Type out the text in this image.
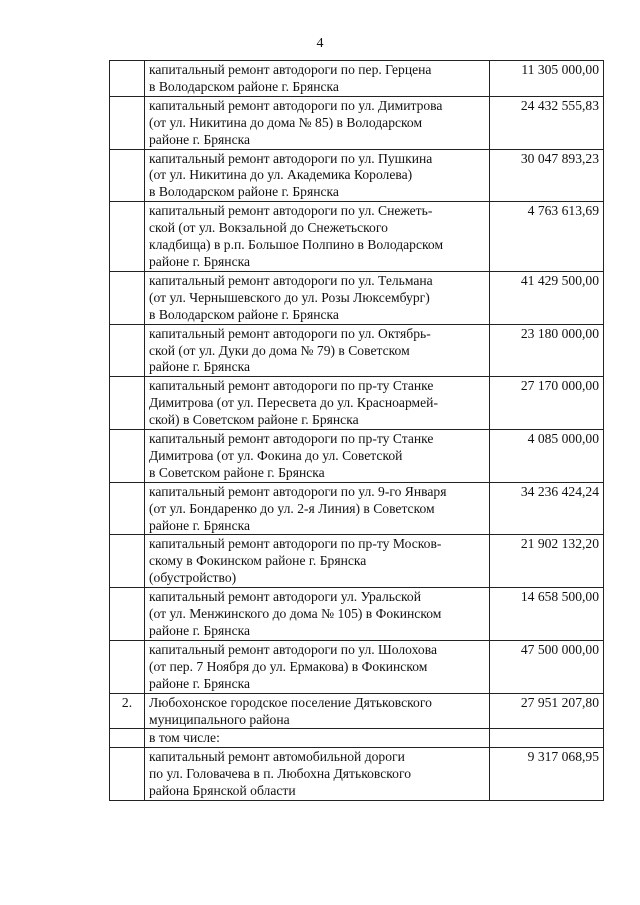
4

	капитальный ремонт автодороги по пер. Герцена
в Володарском районе г. Брянска	11 305 000,00

	капитальный ремонт автодороги по ул. Димитрова
(от ул. Никитина до дома № 85) в Володарском
районе г. Брянска	24 432 555,83

	капитальный ремонт автодороги по ул. Пушкина
(от ул. Никитина до ул. Академика Королева)
в Володарском районе г. Брянска	30 047 893,23

	капитальный ремонт автодороги по ул. Снежеть-
ской (от ул. Вокзальной до Снежетьского
кладбища) в р.п. Большое Полпино в Володарском
районе г. Брянска	4 763 613,69

	капитальный ремонт автодороги по ул. Тельмана
(от ул. Чернышевского до ул. Розы Люксембург)
в Володарском районе г. Брянска	41 429 500,00

	капитальный ремонт автодороги по ул. Октябрь-
ской (от ул. Дуки до дома № 79) в Советском
районе г. Брянска	23 180 000,00

	капитальный ремонт автодороги по пр-ту Станке
Димитрова (от ул. Пересвета до ул. Красноармей-
ской) в Советском районе г. Брянска	27 170 000,00

	капитальный ремонт автодороги по пр-ту Станке
Димитрова (от ул. Фокина до ул. Советской
в Советском районе г. Брянска	4 085 000,00

	капитальный ремонт автодороги по ул. 9-го Января
(от ул. Бондаренко до ул. 2-я Линия) в Советском
районе г. Брянска	34 236 424,24

	капитальный ремонт автодороги по пр-ту Москов-
скому в Фокинском районе г. Брянска
(обустройство)	21 902 132,20

	капитальный ремонт автодороги ул. Уральской
(от ул. Менжинского до дома № 105) в Фокинском
районе г. Брянска	14 658 500,00

	капитальный ремонт автодороги по ул. Шолохова
(от пер. 7 Ноября до ул. Ермакова) в Фокинском
районе г. Брянска	47 500 000,00
2.	Любохонское городское поселение Дятьковского
муниципального района	27 951 207,80

	в том числе:	

	капитальный ремонт автомобильной дороги
по ул. Головачева в п. Любохна Дятьковского
района Брянской области	9 317 068,95
